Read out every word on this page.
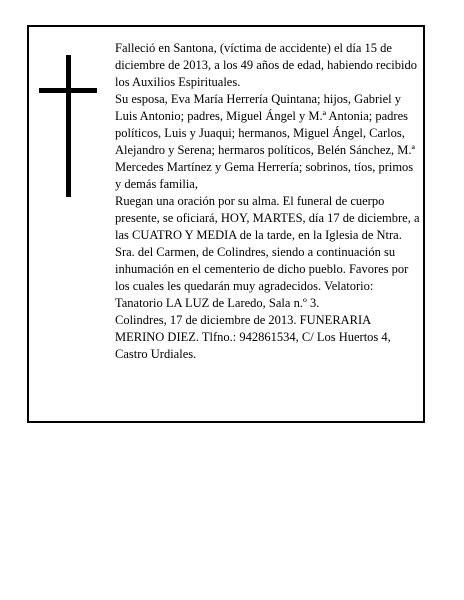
Falleció en Santona, (víctima de accidente) el día 15 de diciembre de 2013, a los 49 años de edad, habiendo recibido los Auxilios Espirituales.

Su esposa, Eva María Herrería Quintana; hijos, Gabriel y Luis Antonio; padres, Miguel Ángel y M.ª Antonia; padres políticos, Luis y Juaqui; hermanos, Miguel Ángel, Carlos, Alejandro y Serena; hermaros políticos, Belén Sánchez, M.ª Mercedes Martínez y Gema Herrería; sobrinos, tíos, primos y demás familia,

Ruegan una oración por su alma. El funeral de cuerpo presente, se oficiará, HOY, MARTES, día 17 de diciembre, a las CUATRO Y MEDIA de la tarde, en la Iglesia de Ntra. Sra. del Carmen, de Colindres, siendo a continuación su inhumación en el cementerio de dicho pueblo. Favores por los cuales les quedarán muy agradecidos. Velatorio: Tanatorio LA LUZ de Laredo, Sala n.º 3.

Colindres, 17 de diciembre de 2013. FUNERARIA MERINO DIEZ. Tlfno.: 942861534, C/ Los Huertos 4, Castro Urdiales.
